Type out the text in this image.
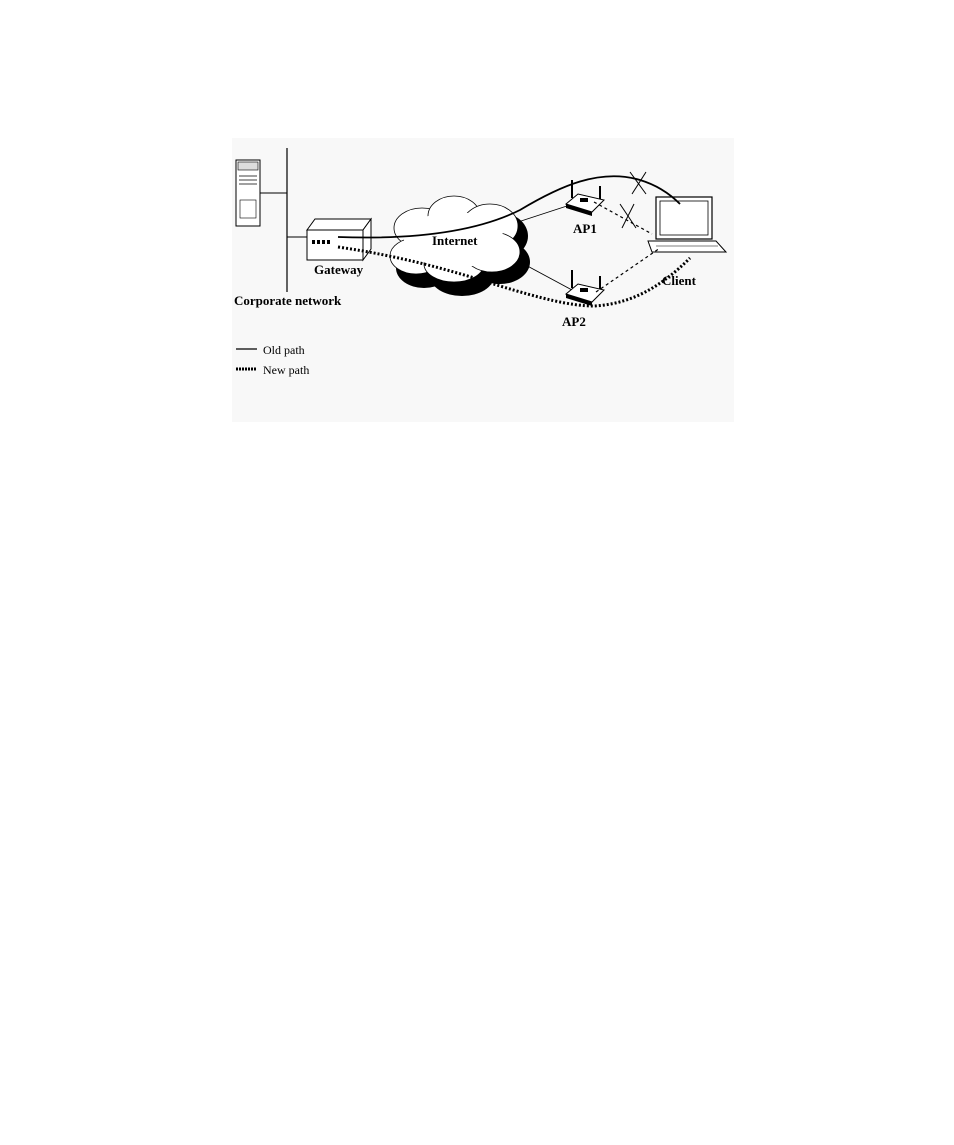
Gateway
Corporate network
Internet
AP1
AP2
Client
Old path
New path
